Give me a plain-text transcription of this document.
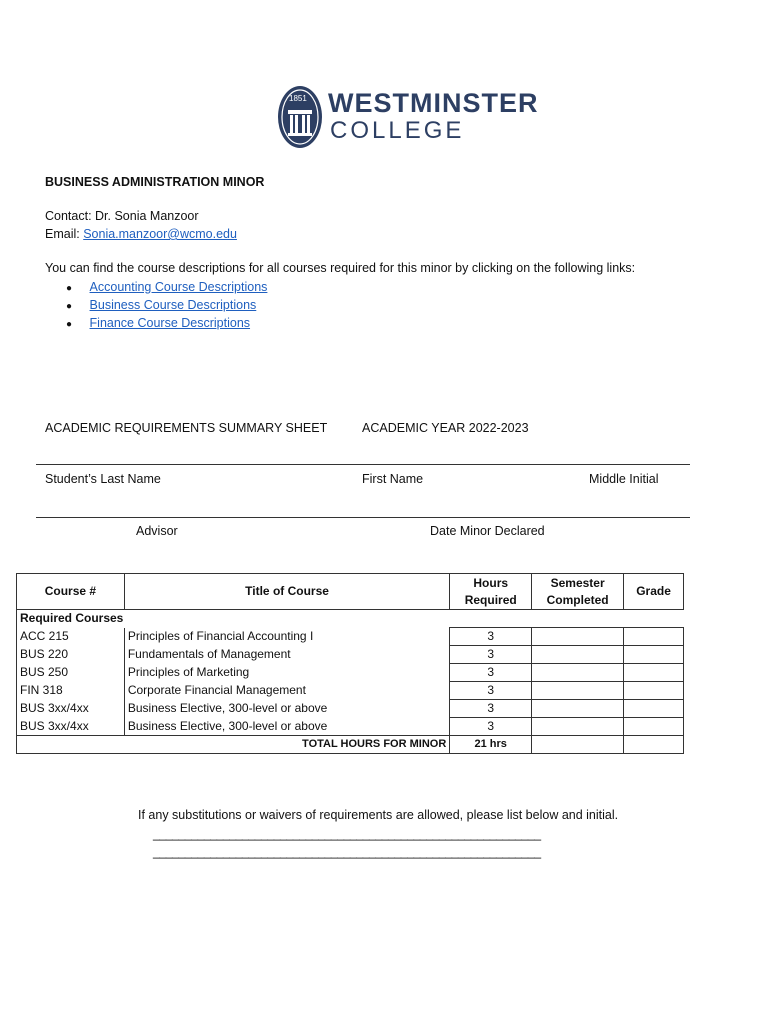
1851 WESTMINSTER
COLLEGE
BUSINESS ADMINISTRATION MINOR
Contact: Dr. Sonia Manzoor
Email: Sonia.manzoor@wcmo.edu
You can find the course descriptions for all courses required for this minor by clicking on the following links:
● Accounting Course Descriptions
● Business Course Descriptions
● Finance Course Descriptions
ACADEMIC REQUIREMENTS SUMMARY SHEET	ACADEMIC YEAR 2022-2023
Student’s Last Name	First Name	Middle Initial
Advisor	Date Minor Declared
Course #	Title of Course	Hours Required	Semester Completed	Grade
Required Courses				
ACC 215	Principles of Financial Accounting I	3		
BUS 220	Fundamentals of Management	3		
BUS 250	Principles of Marketing	3		
FIN 318	Corporate Financial Management	3		
BUS 3xx/4xx	Business Elective, 300-level or above	3		
BUS 3xx/4xx	Business Elective, 300-level or above	3		
	TOTAL HOURS FOR MINOR	21 hrs		
If any substitutions or waivers of requirements are allowed, please list below and initial.
_____________________________________________________________
_____________________________________________________________
